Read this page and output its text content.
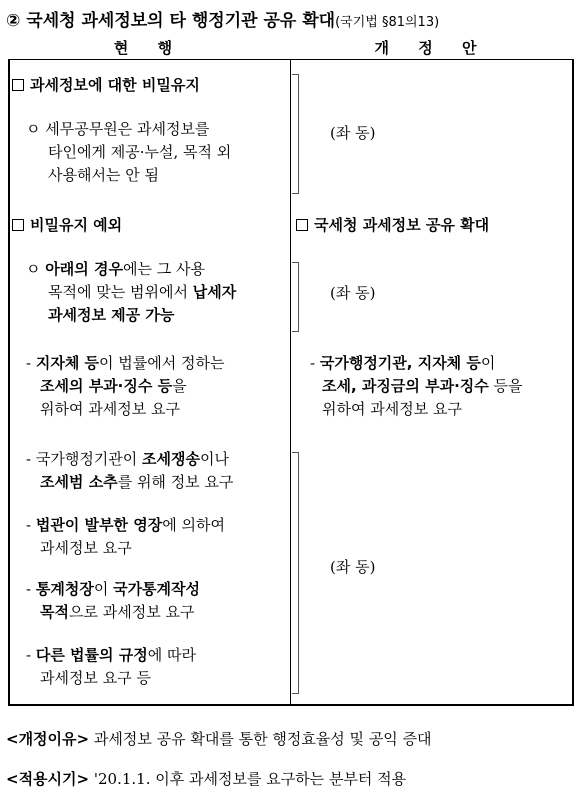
② 국세청 과세정보의 타 행정기관 공유 확대(국기법 §81의13)
현 행	개 정 안
과세정보에 대한 비밀유지
ㅇ 세무공무원은 과세정보를
타인에게 제공·누설, 목적 외
사용해서는 안 됨
비밀유지 예외
ㅇ 아래의 경우에는 그 사용
목적에 맞는 범위에서 납세자
과세정보 제공 가능
- 지자체 등이 법률에서 정하는
조세의 부과·징수 등을
위하여 과세정보 요구
- 국가행정기관이 조세쟁송이나
조세범 소추를 위해 정보 요구
- 법관이 발부한 영장에 의하여
과세정보 요구
- 통계청장이 국가통계작성
목적으로 과세정보 요구
- 다른 법률의 규정에 따라
과세정보 요구 등
(좌 동)
국세청 과세정보 공유 확대
(좌 동)
- 국가행정기관, 지자체 등이
조세, 과징금의 부과·징수 등을
위하여 과세정보 요구
(좌 동)
<개정이유> 과세정보 공유 확대를 통한 행정효율성 및 공익 증대
<적용시기> '20.1.1. 이후 과세정보를 요구하는 분부터 적용
